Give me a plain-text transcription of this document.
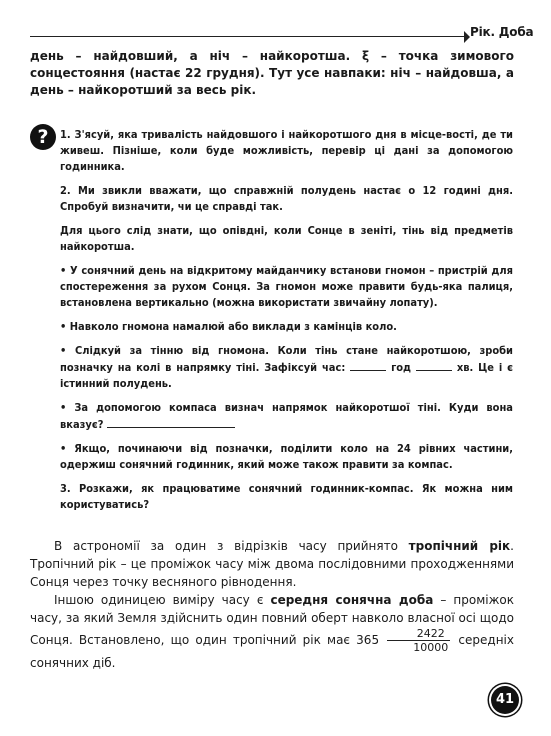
Рік. Доба
день – найдовший, а ніч – найкоротша. ξ – точка зимового сонцестояння (настає 22 грудня). Тут усе навпаки: ніч – найдовша, а день – найкоротший за весь рік.
?	1. З'ясуй, яка тривалість найдовшого і найкоротшого дня в місце-вості, де ти живеш. Пізніше, коли буде можливість, перевір ці дані за допомогою годинника.

2. Ми звикли вважати, що справжній полудень настає о 12 годині дня. Спробуй визначити, чи це справді так.

Для цього слід знати, що опівдні, коли Сонце в зеніті, тінь від предметів найкоротша.

• У сонячний день на відкритому майданчику встанови гномон – пристрій для спостереження за рухом Сонця. За гномон може правити будь-яка палиця, встановлена вертикально (можна використати звичайну лопату).

• Навколо гномона намалюй або виклади з камінців коло.

• Слідкуй за тінню від гномона. Коли тінь стане найкоротшою, зроби позначку на колі в напрямку тіні. Зафіксуй час:	год	хв. Це і є істинний полудень.

• За допомогою компаса визнач напрямок найкоротшої тіні. Куди вона вказує?

• Якщо, починаючи від позначки, поділити коло на 24 рівних частини, одержиш сонячний годинник, який може також правити за компас.

3. Розкажи, як працюватиме сонячний годинник-компас. Як можна ним користуватись?

В астрономії за один з відрізків часу прийнято тропічний рік. Тропічний рік – це проміжок часу між двома послідовними проходженнями Сонця через точку весняного рівнодення.

Іншою одиницею виміру часу є середня сонячна доба – проміжок часу, за який Земля здійснить один повний оберт навколо власної осі щодо Сонця. Встановлено, що один тропічний рік має $365 \frac{2422}{10000}$ середніх сонячних діб.

41
